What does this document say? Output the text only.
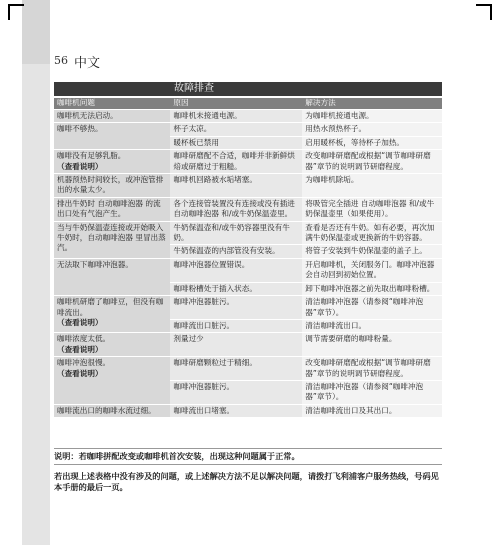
56 中文
故障排查
咖啡机问题	原因	解决方法
咖啡机无法启动。	咖啡机未接通电源。	为咖啡机接通电源。
咖啡不够热。	杯子太凉。	用热水预热杯子。
	暖杯板已禁用	启用暖杯板，等待杯子加热。
咖啡没有足够乳脂。
（查看说明）	咖啡研磨配不合适，咖啡并非新鲜烘焙或研磨过于粗糙。	改变咖啡研磨配或根据“调节咖啡研磨器”章节的说明调节研磨程度。
机器预热时间较长，或冲泡管排出的水量太少。	咖啡机回路被水垢堵塞。	为咖啡机除垢。
排出牛奶时 自动咖啡泡器 的流出口处有气泡产生。	各个连接管装置没有连接或没有插进 自动咖啡泡器 和/或牛奶保温壶里。	将吸管完全插进 自动咖啡泡器 和/或牛奶保温壶里（如果使用）。
当与牛奶保温壶连接或开始吸入牛奶时，自动咖啡泡器 里冒出蒸汽。	牛奶保温壶和/或牛奶容器里没有牛奶。	查看是否还有牛奶。如有必要，再次加满牛奶保温壶或更换新的牛奶容器。
	牛奶保温壶的内部管没有安装。	将管子安装到牛奶保温壶的盖子上。
无法取下咖啡冲泡器。	咖啡冲泡器位置错误。	开启咖啡机，关闭服务门。咖啡冲泡器会自动回到初始位置。
	咖啡粉槽处于插入状态。	卸下咖啡冲泡器之前先取出咖啡粉槽。
咖啡机研磨了咖啡豆，但没有咖啡流出。
（查看说明）	咖啡冲泡器脏污。	清洁咖啡冲泡器（请参阅“咖啡冲泡器”章节）。
	咖啡流出口脏污。	清洁咖啡流出口。
咖啡浓度太低。
（查看说明）	剂量过少	调节需要研磨的咖啡粉量。
咖啡冲泡很慢。
（查看说明）	咖啡研磨颗粒过于精细。	改变咖啡研磨配或根据“调节咖啡研磨器”章节的说明调节研磨程度。
	咖啡冲泡器脏污。	清洁咖啡冲泡器（请参阅“咖啡冲泡器”章节）。
咖啡流出口的咖啡水流过细。	咖啡流出口堵塞。	清洁咖啡流出口及其出口。
说明：若咖啡拼配改变或咖啡机首次安装，出现这种问题属于正常。
若出现上述表格中没有涉及的问题，或上述解决方法不足以解决问题，请拨打飞利浦客户服务热线，号码见本手册的最后一页。
